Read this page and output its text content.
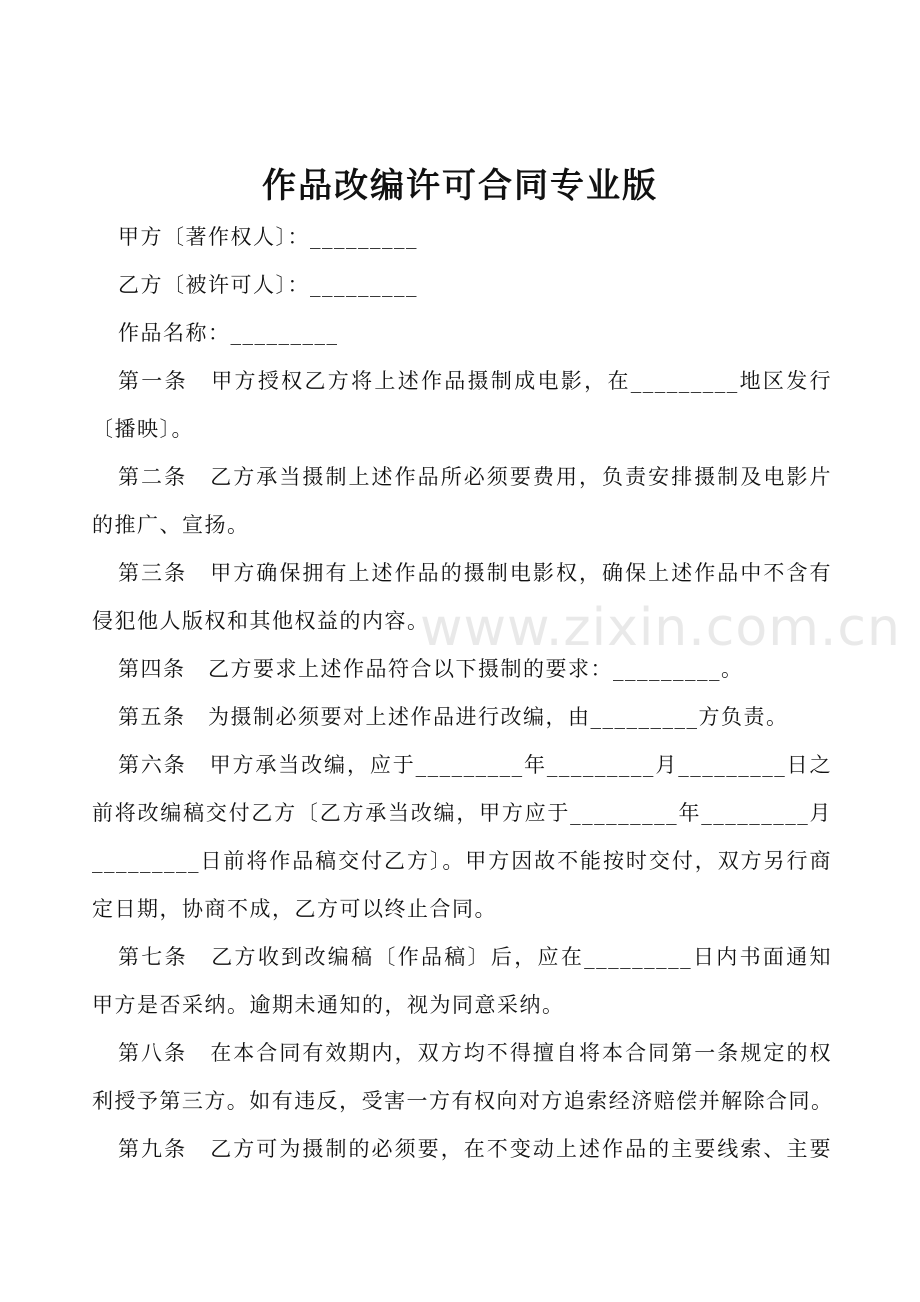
作品改编许可合同专业版
甲方〔著作权人〕：_________
乙方〔被许可人〕：_________
作品名称：_________
第一条　甲方授权乙方将上述作品摄制成电影，在_________地区发行
〔播映〕。
第二条　乙方承当摄制上述作品所必须要费用，负责安排摄制及电影片
的推广、宣扬。
第三条　甲方确保拥有上述作品的摄制电影权，确保上述作品中不含有
侵犯他人版权和其他权益的内容。
第四条　乙方要求上述作品符合以下摄制的要求：_________。
第五条　为摄制必须要对上述作品进行改编，由_________方负责。
第六条　甲方承当改编，应于_________年_________月_________日之
前将改编稿交付乙方〔乙方承当改编，甲方应于_________年_________月
_________日前将作品稿交付乙方〕。甲方因故不能按时交付，双方另行商
定日期，协商不成，乙方可以终止合同。
第七条　乙方收到改编稿〔作品稿〕后，应在_________日内书面通知
甲方是否采纳。逾期未通知的，视为同意采纳。
第八条　在本合同有效期内，双方均不得擅自将本合同第一条规定的权
利授予第三方。如有违反，受害一方有权向对方追索经济赔偿并解除合同。
第九条　乙方可为摄制的必须要，在不变动上述作品的主要线索、主要
www.zixin.com.cn
